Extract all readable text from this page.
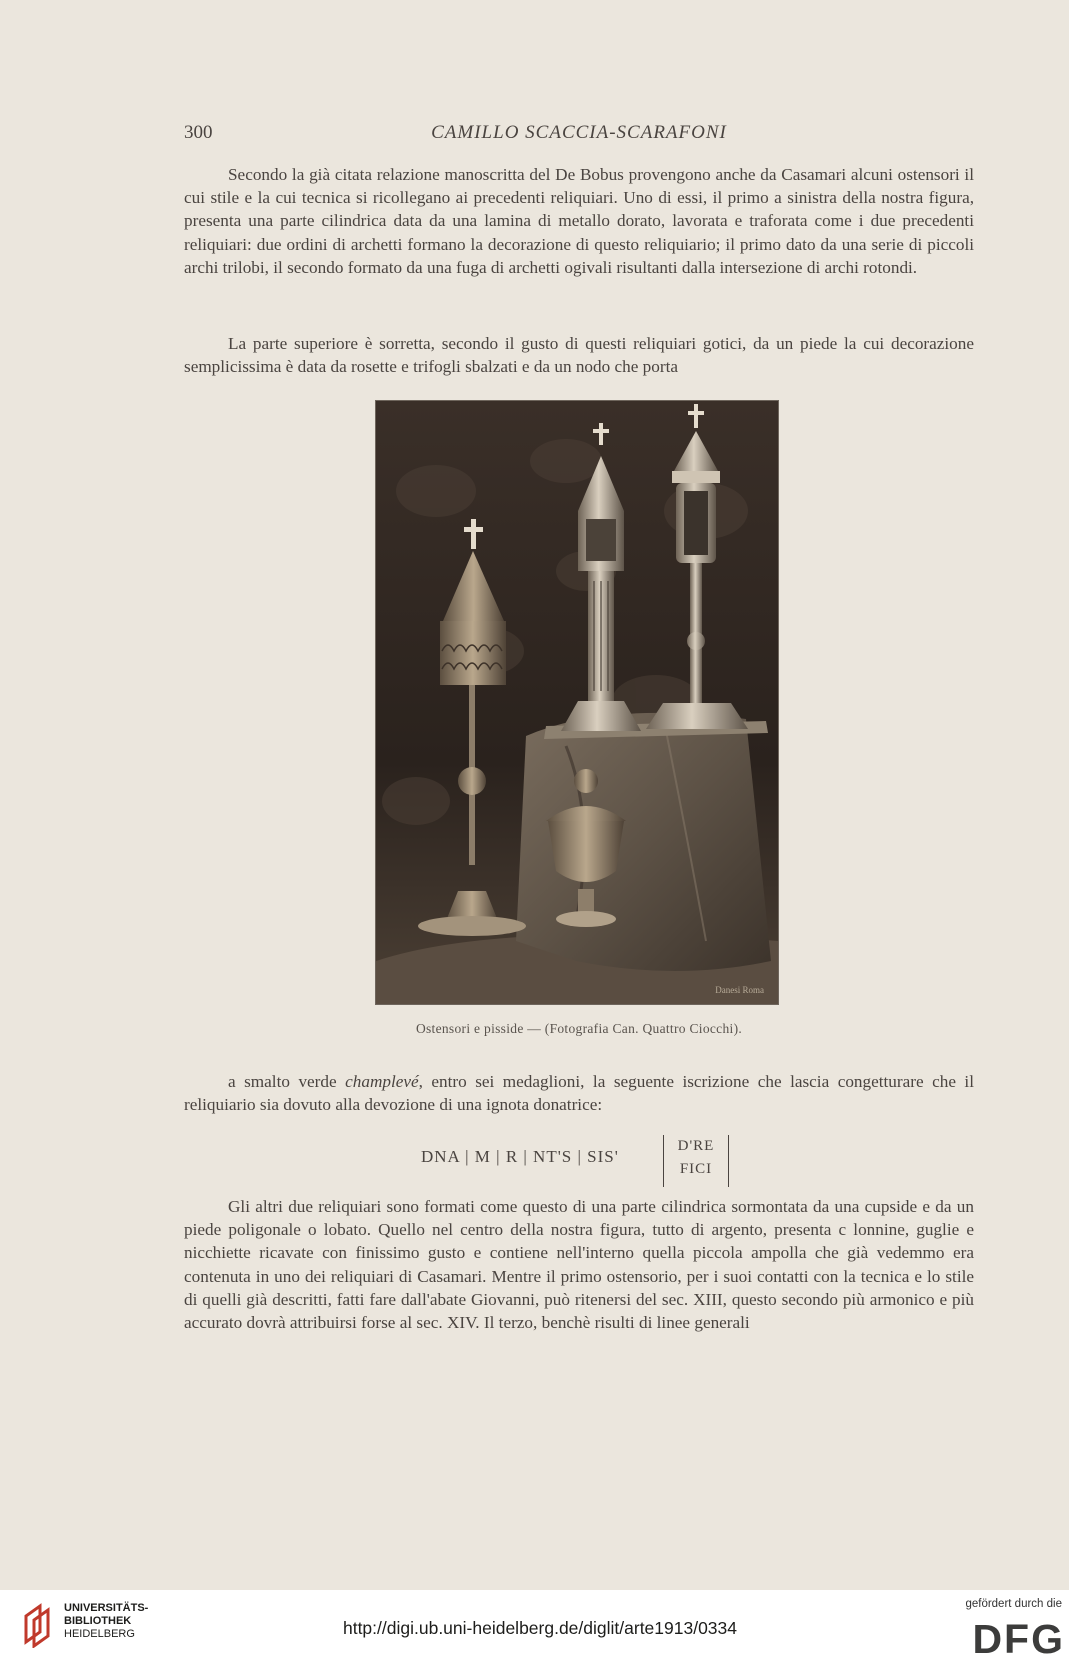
300	CAMILLO SCACCIA-SCARAFONI

Secondo la già citata relazione manoscritta del De Bobus provengono anche da Casamari alcuni ostensori il cui stile e la cui tecnica si ricollegano ai precedenti reliquiari. Uno di essi, il primo a sinistra della nostra figura, presenta una parte cilindrica data da una lamina di metallo dorato, lavorata e traforata come i due precedenti reliquiari: due ordini di archetti formano la decorazione di questo reliquiario; il primo dato da una serie di piccoli archi trilobi, il secondo formato da una fuga di archetti ogivali risultanti dalla intersezione di archi rotondi.

La parte superiore è sorretta, secondo il gusto di questi reliquiari gotici, da un piede la cui decorazione semplicissima è data da rosette e trifogli sbalzati e da un nodo che porta

Danesi Roma
Ostensori e pisside — (Fotografia Can. Quattro Ciocchi).

a smalto verde champlevé, entro sei medaglioni, la seguente iscrizione che lascia congetturare che il reliquiario sia dovuto alla devozione di una ignota donatrice:

DNA | M | R | NT'S | SIS'
D'RE
FICI

Gli altri due reliquiari sono formati come questo di una parte cilindrica sormontata da una cupside e da un piede poligonale o lobato. Quello nel centro della nostra figura, tutto di argento, presenta c lonnine, guglie e nicchiette ricavate con finissimo gusto e contiene nell'interno quella piccola ampolla che già vedemmo era contenuta in uno dei reliquiari di Casamari. Mentre il primo ostensorio, per i suoi contatti con la tecnica e lo stile di quelli già descritti, fatti fare dall'abate Giovanni, può ritenersi del sec. XIII, questo secondo più armonico e più accurato dovrà attribuirsi forse al sec. XIV. Il terzo, benchè risulti di linee generali

UNIVERSITÄTS-
BIBLIOTHEK
HEIDELBERG	http://digi.ub.uni-heidelberg.de/diglit/arte1913/0334
gefördert durch die
DFG
